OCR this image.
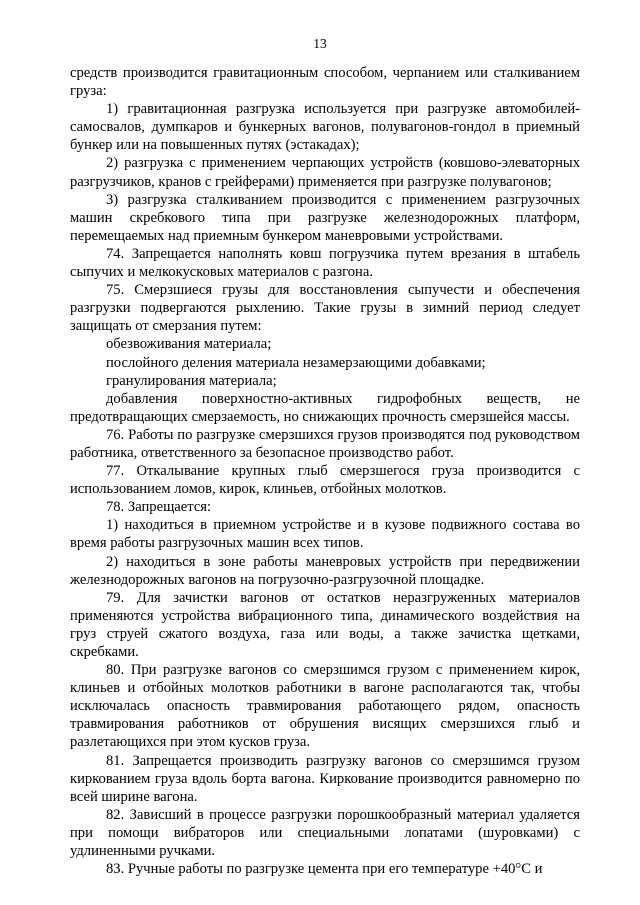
13

средств производится гравитационным способом, черпанием или сталкиванием груза:

1) гравитационная разгрузка используется при разгрузке автомобилей-самосвалов, думпкаров и бункерных вагонов, полувагонов-гондол в приемный бункер или на повышенных путях (эстакадах);

2) разгрузка с применением черпающих устройств (ковшово-элеваторных разгрузчиков, кранов с грейферами) применяется при разгрузке полувагонов;

3) разгрузка сталкиванием производится с применением разгрузочных машин скребкового типа при разгрузке железнодорожных платформ, перемещаемых над приемным бункером маневровыми устройствами.

74. Запрещается наполнять ковш погрузчика путем врезания в штабель сыпучих и мелкокусковых материалов с разгона.

75. Смерзшиеся грузы для восстановления сыпучести и обеспечения разгрузки подвергаются рыхлению. Такие грузы в зимний период следует защищать от смерзания путем:

обезвоживания материала;

послойного деления материала незамерзающими добавками;

гранулирования материала;

добавления поверхностно-активных гидрофобных веществ, не предотвращающих смерзаемость, но снижающих прочность смерзшейся массы.

76. Работы по разгрузке смерзшихся грузов производятся под руководством работника, ответственного за безопасное производство работ.

77. Откалывание крупных глыб смерзшегося груза производится с использованием ломов, кирок, клиньев, отбойных молотков.

78. Запрещается:

1) находиться в приемном устройстве и в кузове подвижного состава во время работы разгрузочных машин всех типов.

2) находиться в зоне работы маневровых устройств при передвижении железнодорожных вагонов на погрузочно-разгрузочной площадке.

79. Для зачистки вагонов от остатков неразгруженных материалов применяются устройства вибрационного типа, динамического воздействия на груз струей сжатого воздуха, газа или воды, а также зачистка щетками, скребками.

80. При разгрузке вагонов со смерзшимся грузом с применением кирок, клиньев и отбойных молотков работники в вагоне располагаются так, чтобы исключалась опасность травмирования работающего рядом, опасность травмирования работников от обрушения висящих смерзшихся глыб и разлетающихся при этом кусков груза.

81. Запрещается производить разгрузку вагонов со смерзшимся грузом киркованием груза вдоль борта вагона. Киркование производится равномерно по всей ширине вагона.

82. Зависший в процессе разгрузки порошкообразный материал удаляется при помощи вибраторов или специальными лопатами (шуровками) с удлиненными ручками.

83. Ручные работы по разгрузке цемента при его температуре +40°С и
